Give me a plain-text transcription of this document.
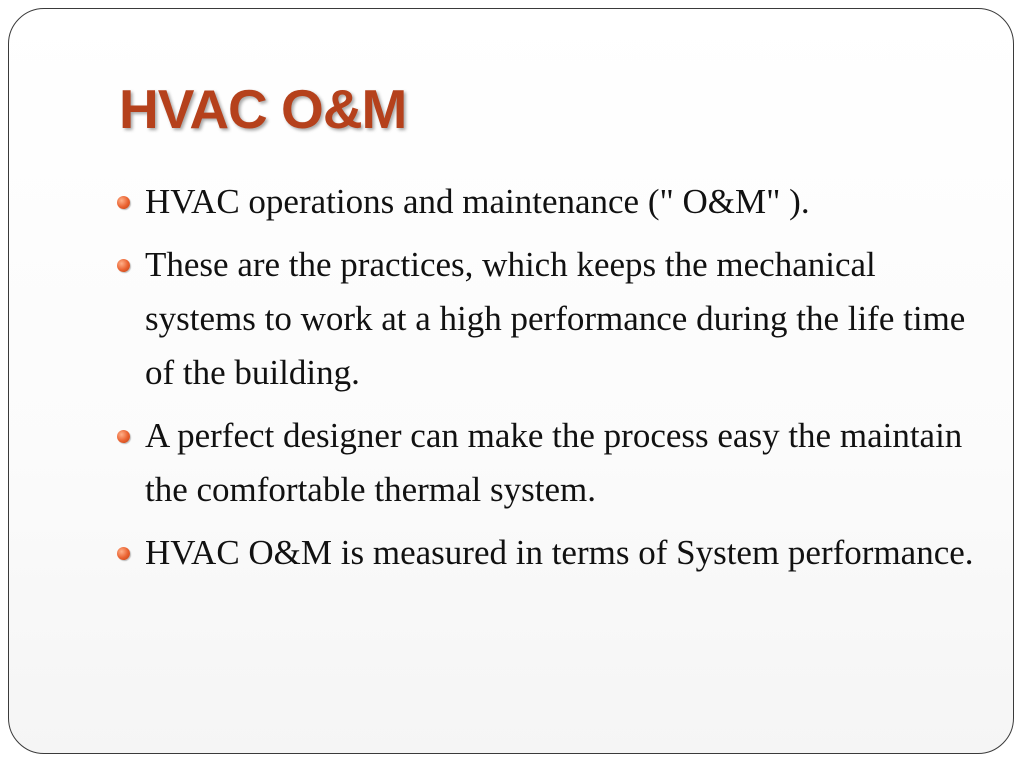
HVAC O&M
HVAC operations and maintenance (" O&M" ).
These are the practices, which keeps the mechanical systems to work at a high performance during the life time of the building.
A perfect designer can make the process easy the maintain the comfortable thermal system.
HVAC O&M is measured in terms of System performance.
